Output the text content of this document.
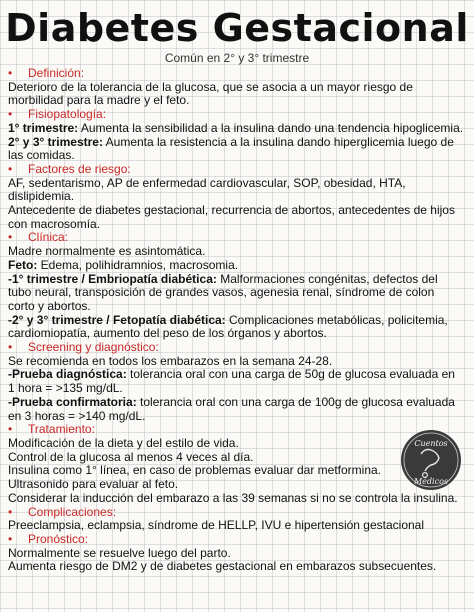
Diabetes Gestacional
Común en 2° y 3° trimestre
•	Definición:

Deterioro de la tolerancia de la glucosa, que se asocia a un mayor riesgo de morbilidad para la madre y el feto.

•	Fisiopatología:

1° trimestre: Aumenta la sensibilidad a la insulina dando una tendencia hipoglicemia.

2° y 3° trimestre: Aumenta la resistencia a la insulina dando hiperglicemia luego de las comidas.

•	Factores de riesgo:

AF, sedentarismo, AP de enfermedad cardiovascular, SOP, obesidad, HTA, dislipidemia.

Antecedente de diabetes gestacional, recurrencia de abortos, antecedentes de hijos con macrosomía.

•	Clínica:

Madre normalmente es asintomática.

Feto: Edema, polihidramnios, macrosomia.

-1° trimestre / Embriopatía diabética: Malformaciones congénitas, defectos del tubo neural, transposición de grandes vasos, agenesia renal, síndrome de colon corto y abortos.

-2° y 3° trimestre / Fetopatía diabética: Complicaciones metabólicas, policitemia, cardiomiopatía, aumento del peso de los órganos y abortos.

•	Screening y diagnóstico:

Se recomienda en todos los embarazos en la semana 24-28.

-Prueba diagnóstica: tolerancia oral con una carga de 50g de glucosa evaluada en 1 hora = >135 mg/dL.

-Prueba confirmatoria: tolerancia oral con una carga de 100g de glucosa evaluada en 3 horas = >140 mg/dL.

•	Tratamiento:

Modificación de la dieta y del estilo de vida.

Control de la glucosa al menos 4 veces al día.

Insulina como 1° línea, en caso de problemas evaluar dar metformina.

Ultrasonido para evaluar al feto.

Considerar la inducción del embarazo a las 39 semanas si no se controla la insulina.

•	Complicaciones:

Preeclampsia, eclampsia, síndrome de HELLP, IVU e hipertensión gestacional

•	Pronóstico:

Normalmente se resuelve luego del parto.

Aumenta riesgo de DM2 y de diabetes gestacional en embarazos subsecuentes.

Cuentos
Médicos
